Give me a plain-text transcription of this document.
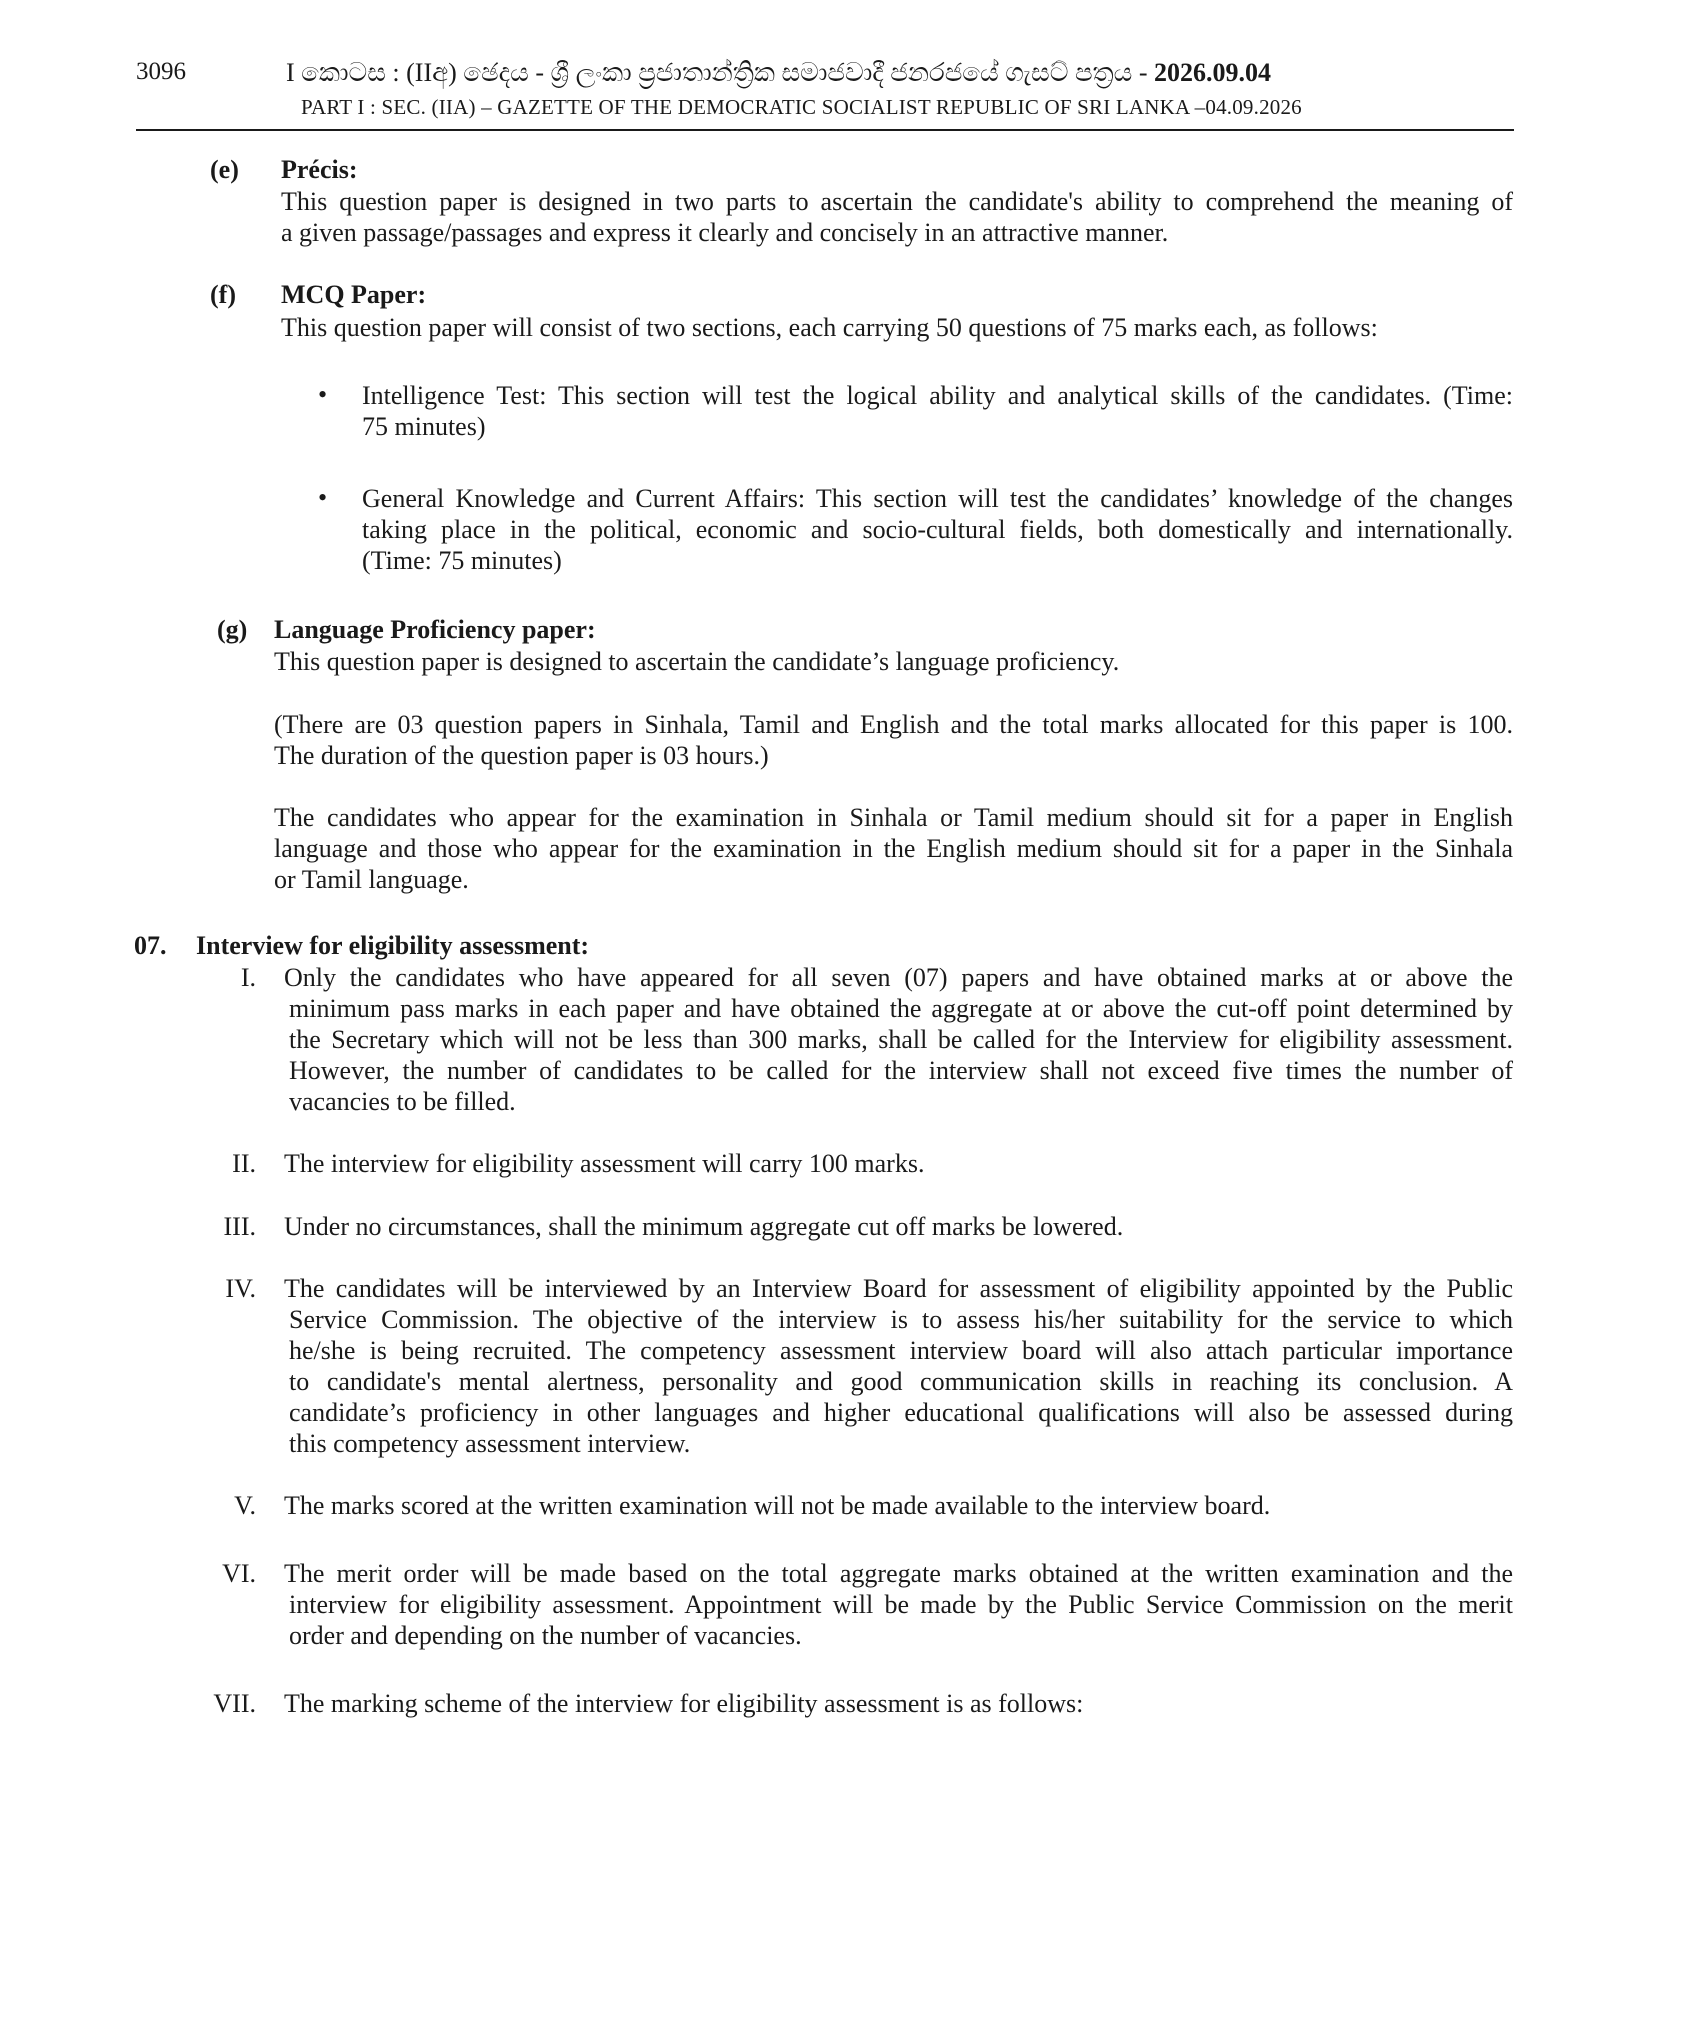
3096	I කොටස : (IIඅ) ඡෙදය - ශ්‍රී ලංකා ප්‍රජාතාන්ත්‍රික සමාජවාදී ජනරජයේ ගැසට් පත්‍රය - 2026.09.04
PART I : SEC. (IIA) – GAZETTE OF THE DEMOCRATIC SOCIALIST REPUBLIC OF SRI LANKA –04.09.2026
(e) Précis:
This question paper is designed in two parts to ascertain the candidate's ability to comprehend the meaning of
a given passage/passages and express it clearly and concisely in an attractive manner.
(f) MCQ Paper:
This question paper will consist of two sections, each carrying 50 questions of 75 marks each, as follows:
• Intelligence Test: This section will test the logical ability and analytical skills of the candidates. (Time:
75 minutes)
• General Knowledge and Current Affairs: This section will test the candidates’ knowledge of the changes
taking place in the political, economic and socio-cultural fields, both domestically and internationally.
(Time: 75 minutes)
(g) Language Proficiency paper:
This question paper is designed to ascertain the candidate’s language proficiency.
(There are 03 question papers in Sinhala, Tamil and English and the total marks allocated for this paper is 100.
The duration of the question paper is 03 hours.)
The candidates who appear for the examination in Sinhala or Tamil medium should sit for a paper in English
language and those who appear for the examination in the English medium should sit for a paper in the Sinhala
or Tamil language.
07. Interview for eligibility assessment:
I. Only the candidates who have appeared for all seven (07) papers and have obtained marks at or above the
minimum pass marks in each paper and have obtained the aggregate at or above the cut-off point determined by
the Secretary which will not be less than 300 marks, shall be called for the Interview for eligibility assessment.
However, the number of candidates to be called for the interview shall not exceed five times the number of
vacancies to be filled.
II. The interview for eligibility assessment will carry 100 marks.
III. Under no circumstances, shall the minimum aggregate cut off marks be lowered.
IV. The candidates will be interviewed by an Interview Board for assessment of eligibility appointed by the Public
Service Commission. The objective of the interview is to assess his/her suitability for the service to which
he/she is being recruited. The competency assessment interview board will also attach particular importance
to candidate's mental alertness, personality and good communication skills in reaching its conclusion. A
candidate’s proficiency in other languages and higher educational qualifications will also be assessed during
this competency assessment interview.
V. The marks scored at the written examination will not be made available to the interview board.
VI. The merit order will be made based on the total aggregate marks obtained at the written examination and the
interview for eligibility assessment. Appointment will be made by the Public Service Commission on the merit
order and depending on the number of vacancies.
VII. The marking scheme of the interview for eligibility assessment is as follows:
